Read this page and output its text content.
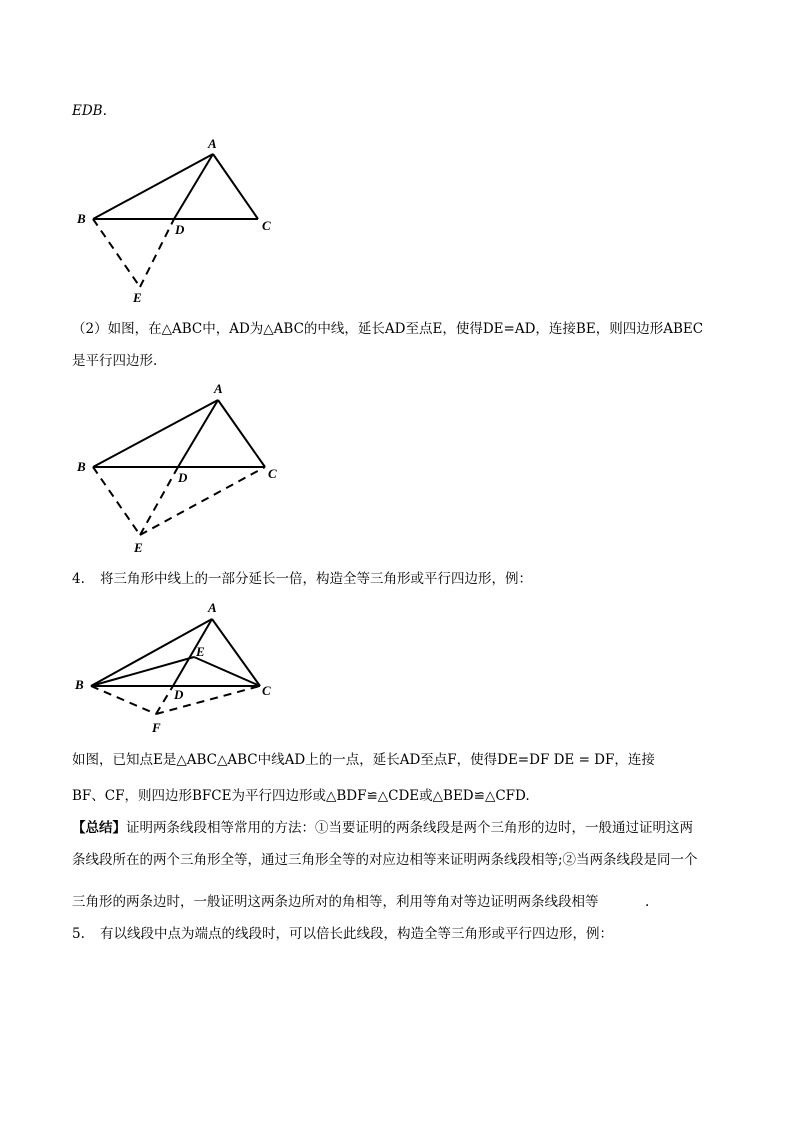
EDB.
A
B	C
D
E
（2）如图，在△ABC中，AD为△ABC的中线，延长AD至点E，使得DE=AD，连接BE，则四边形ABEC
是平行四边形.
A
B	C
D
E
4. 将三角形中线上的一部分延长一倍，构造全等三角形或平行四边形，例：
A
B	C
D
E
F
如图，已知点E是△ABC△ABC中线AD上的一点，延长AD至点F，使得DE=DF DE = DF，连接
BF、CF，则四边形BFCE为平行四边形或△BDF≌△CDE或△BED≌△CFD.
【总结】证明两条线段相等常用的方法：①当要证明的两条线段是两个三角形的边时，一般通过证明这两
条线段所在的两个三角形全等，通过三角形全等的对应边相等来证明两条线段相等;②当两条线段是同一个
三角形的两条边时，一般证明这两条边所对的角相等，利用等角对等边证明两条线段相等	.
5. 有以线段中点为端点的线段时，可以倍长此线段，构造全等三角形或平行四边形，例：
